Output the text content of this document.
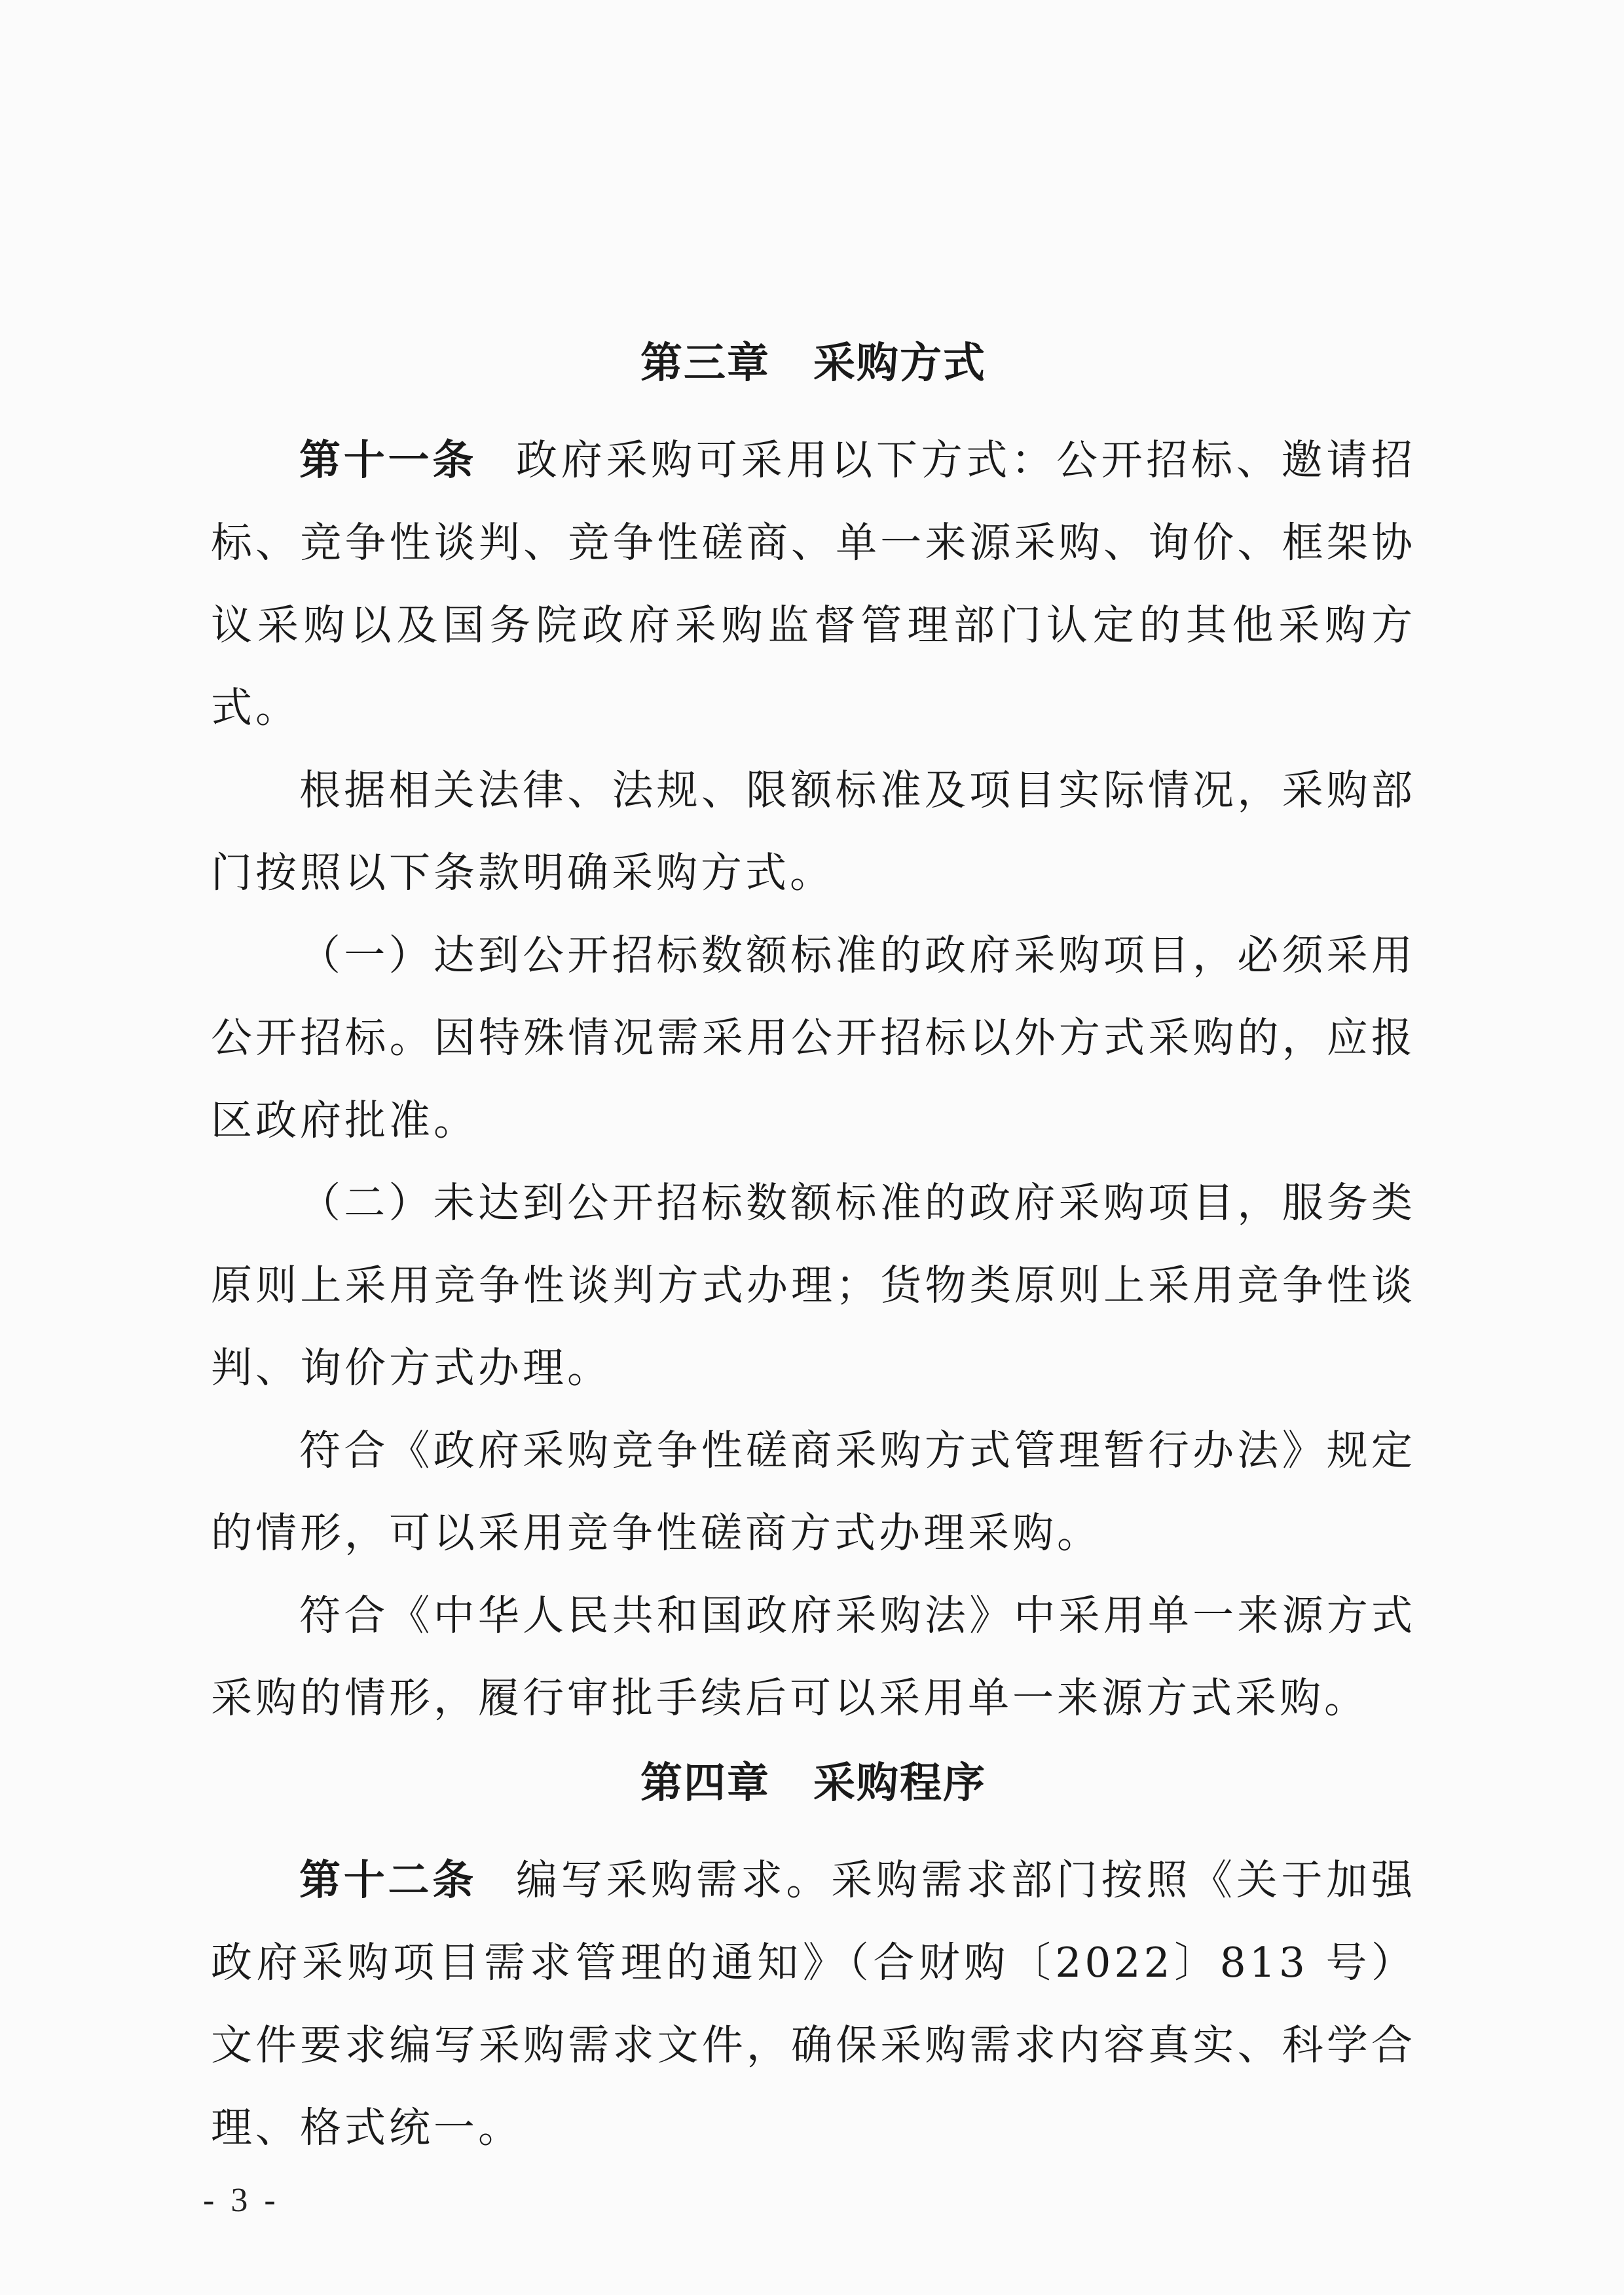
第三章　采购方式

第十一条 政府采购可采用以下方式：公开招标、邀请招标、竞争性谈判、竞争性磋商、单一来源采购、询价、框架协议采购以及国务院政府采购监督管理部门认定的其他采购方式。

根据相关法律、法规、限额标准及项目实际情况，采购部门按照以下条款明确采购方式。

（一）达到公开招标数额标准的政府采购项目，必须采用公开招标。因特殊情况需采用公开招标以外方式采购的，应报区政府批准。

（二）未达到公开招标数额标准的政府采购项目，服务类原则上采用竞争性谈判方式办理；货物类原则上采用竞争性谈判、询价方式办理。

符合《政府采购竞争性磋商采购方式管理暂行办法》规定的情形，可以采用竞争性磋商方式办理采购。

符合《中华人民共和国政府采购法》中采用单一来源方式采购的情形，履行审批手续后可以采用单一来源方式采购。

第四章　采购程序

第十二条 编写采购需求。采购需求部门按照《关于加强政府采购项目需求管理的通知》（合财购〔2022〕813 号）文件要求编写采购需求文件，确保采购需求内容真实、科学合理、格式统一。

- 3 -
